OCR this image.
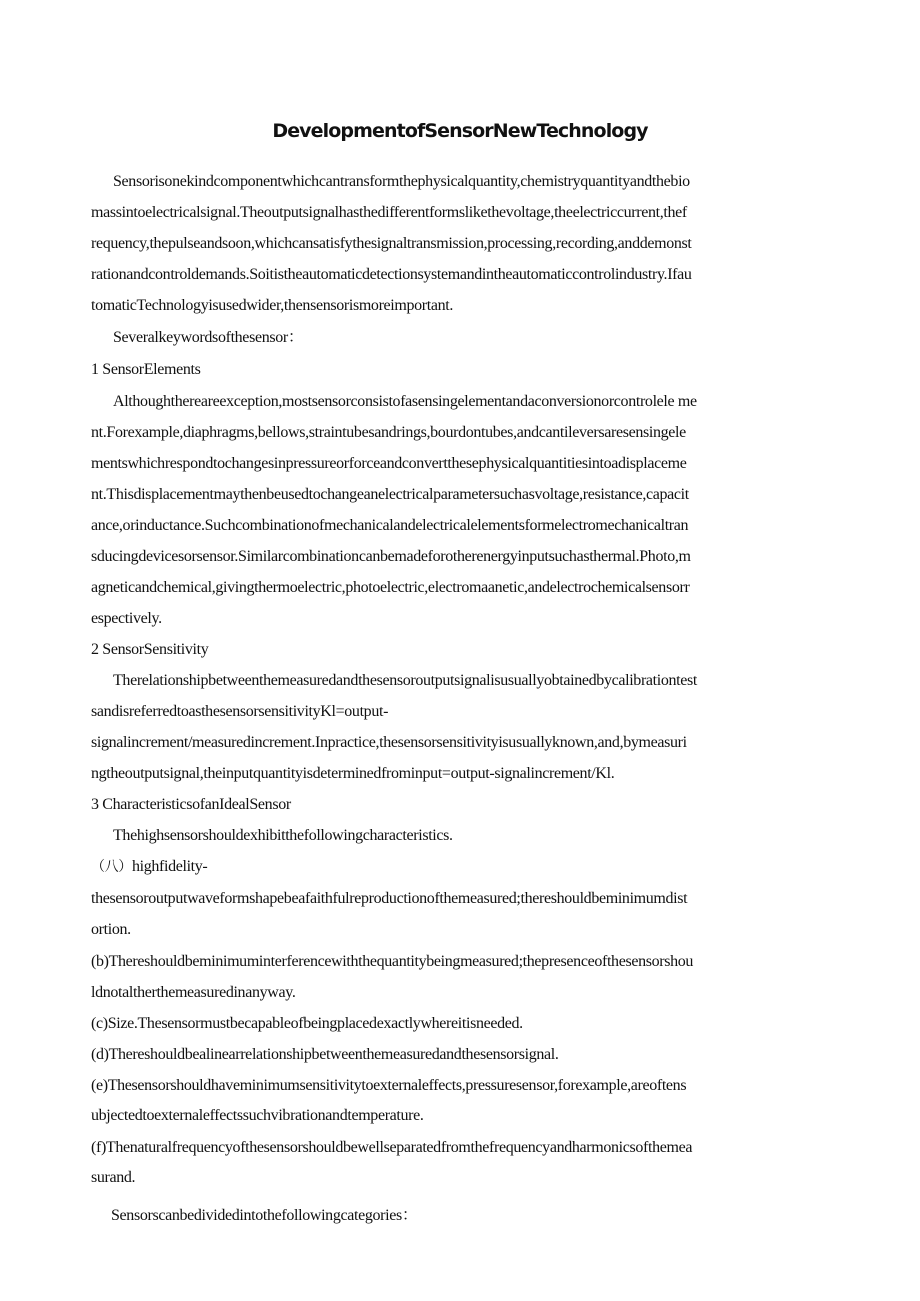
DevelopmentofSensorNewTechnology
Sensorisonekindcomponentwhichcantransformthephysicalquantity,chemistryquantityandthebio
massintoelectricalsignal.Theoutputsignalhasthedifferentformslikethevoltage,theelectriccurrent,thef
requency,thepulseandsoon,whichcansatisfythesignaltransmission,processing,recording,anddemonst
rationandcontroldemands.Soitistheautomaticdetectionsystemandintheautomaticcontrolindustry.Ifau
tomaticTechnologyisusedwider,thensensorismoreimportant.
Severalkeywordsofthesensor：
1 SensorElements
Althoughthereareexception,mostsensorconsistofasensingelementandaconversionorcontrolele me
nt.Forexample,diaphragms,bellows,straintubesandrings,bourdontubes,andcantileversaresensingele
mentswhichrespondtochangesinpressureorforceandconvertthesephysicalquantitiesintoadisplaceme
nt.Thisdisplacementmaythenbeusedtochangeanelectricalparametersuchasvoltage,resistance,capacit
ance,orinductance.Suchcombinationofmechanicalandelectricalelementsformelectromechanicaltran
sducingdevicesorsensor.Similarcombinationcanbemadeforotherenergyinputsuchasthermal.Photo,m
agneticandchemical,givingthermoelectric,photoelectric,electromaanetic,andelectrochemicalsensorr
espectively.
2 SensorSensitivity
Therelationshipbetweenthemeasuredandthesensoroutputsignalisusuallyobtainedbycalibrationtest
sandisreferredtoasthesensorsensitivityKl=output-
signalincrement/measuredincrement.Inpractice,thesensorsensitivityisusuallyknown,and,bymeasuri
ngtheoutputsignal,theinputquantityisdeterminedfrominput=output-signalincrement/Kl.
3 CharacteristicsofanIdealSensor
Thehighsensorshouldexhibitthefollowingcharacteristics.
（八）highfidelity-
thesensoroutputwaveformshapebeafaithfulreproductionofthemeasured;thereshouldbeminimumdist
ortion.
(b)Thereshouldbeminimuminterferencewiththequantitybeingmeasured;thepresenceofthesensorshou
ldnotaltherthemeasuredinanyway.
(c)Size.Thesensormustbecapableofbeingplacedexactlywhereitisneeded.
(d)Thereshouldbealinearrelationshipbetweenthemeasuredandthesensorsignal.
(e)Thesensorshouldhaveminimumsensitivitytoexternaleffects,pressuresensor,forexample,areoftens
ubjectedtoexternaleffectssuchvibrationandtemperature.
(f)Thenaturalfrequencyofthesensorshouldbewellseparatedfromthefrequencyandharmonicsofthemea
surand.
Sensorscanbedividedintothefollowingcategories：
